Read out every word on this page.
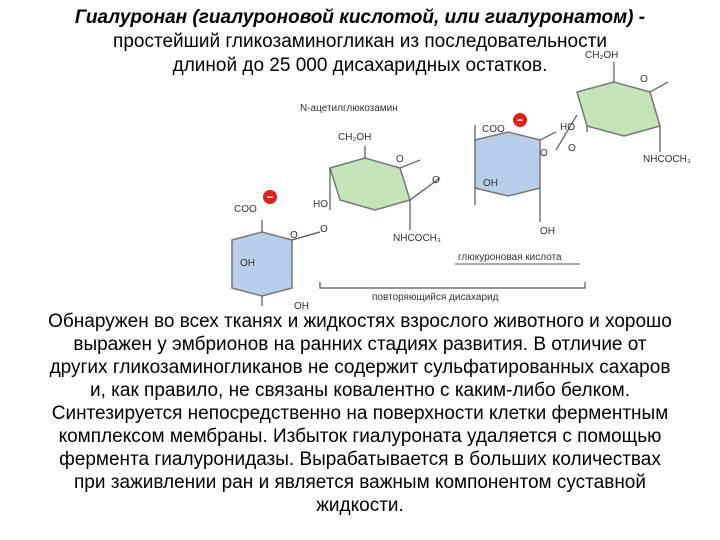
−
−
COO
O
OH
OH
O
N-ацетилглюкозамин
CH₂OH
O
HO
NHCOCH₃
O
COO
O
OH
OH
глюкуроновая кислота
CH₂OH
O
O
HO
NHCOCH₃
повторяющийся дисахарид
Гиалуронан (гиалуроновой кислотой, или гиалуронатом) -
простейший гликозаминогликан из последовательности
длиной до 25 000 дисахаридных остатков.
Обнаружен во всех тканях и жидкостях взрослого животного и хорошо
выражен у эмбрионов на ранних стадиях развития. В отличие от
других гликозаминогликанов не содержит сульфатированных сахаров
и, как правило, не связаны ковалентно с каким-либо белком.
Синтезируется непосредственно на поверхности клетки ферментным
комплексом мембраны. Избыток гиалуроната удаляется с помощью
фермента гиалуронидазы. Вырабатывается в больших количествах
при заживлении ран и является важным компонентом суставной
жидкости.
